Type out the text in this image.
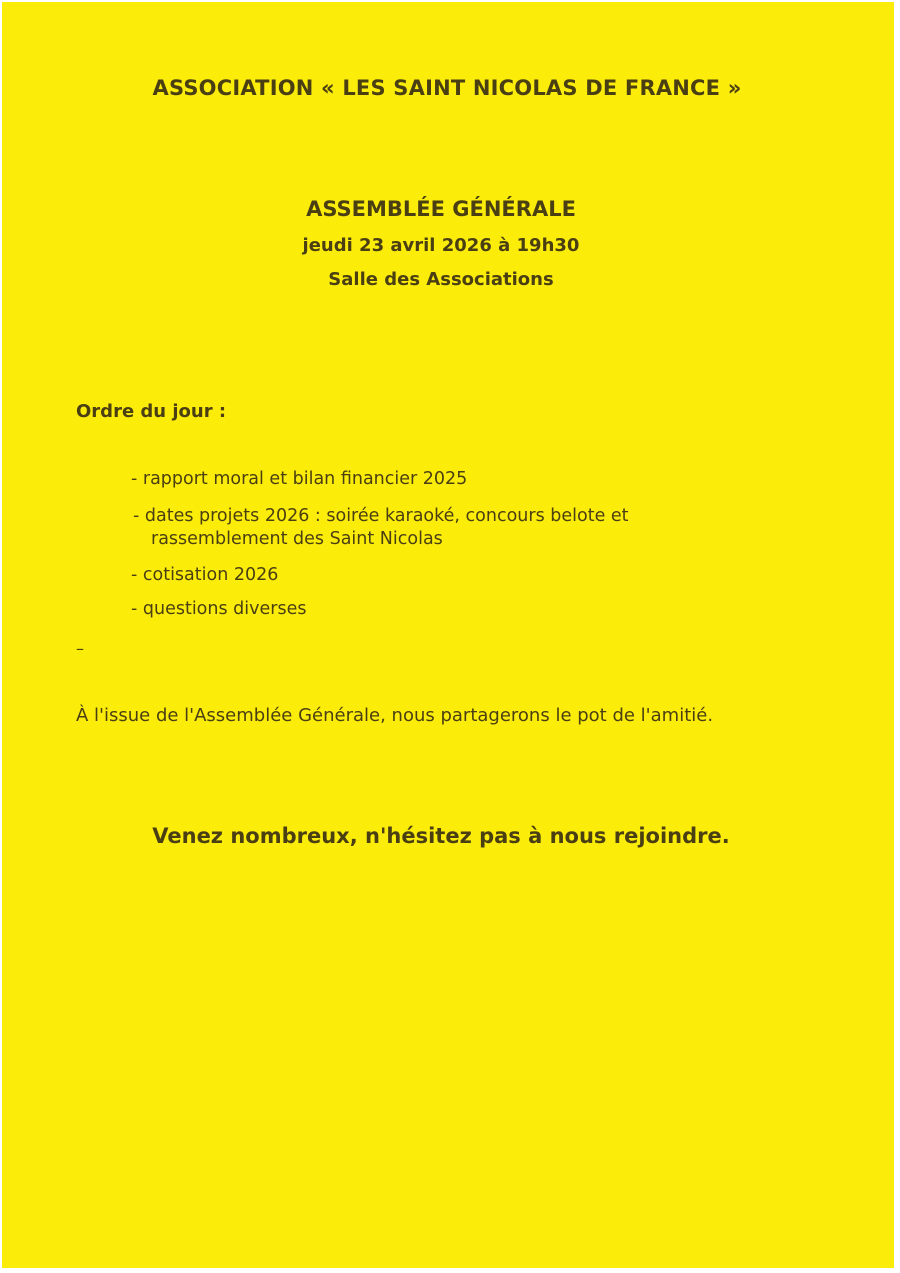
ASSOCIATION « LES SAINT NICOLAS DE FRANCE »
ASSEMBLÉE GÉNÉRALE
jeudi 23 avril 2026 à 19h30
Salle des Associations
Ordre du jour :
- rapport moral et bilan financier 2025
- dates projets 2026 : soirée karaoké, concours belote et
rassemblement des Saint Nicolas
- cotisation 2026
- questions diverses
–
À l'issue de l'Assemblée Générale, nous partagerons le pot de l'amitié.
Venez nombreux, n'hésitez pas à nous rejoindre.
